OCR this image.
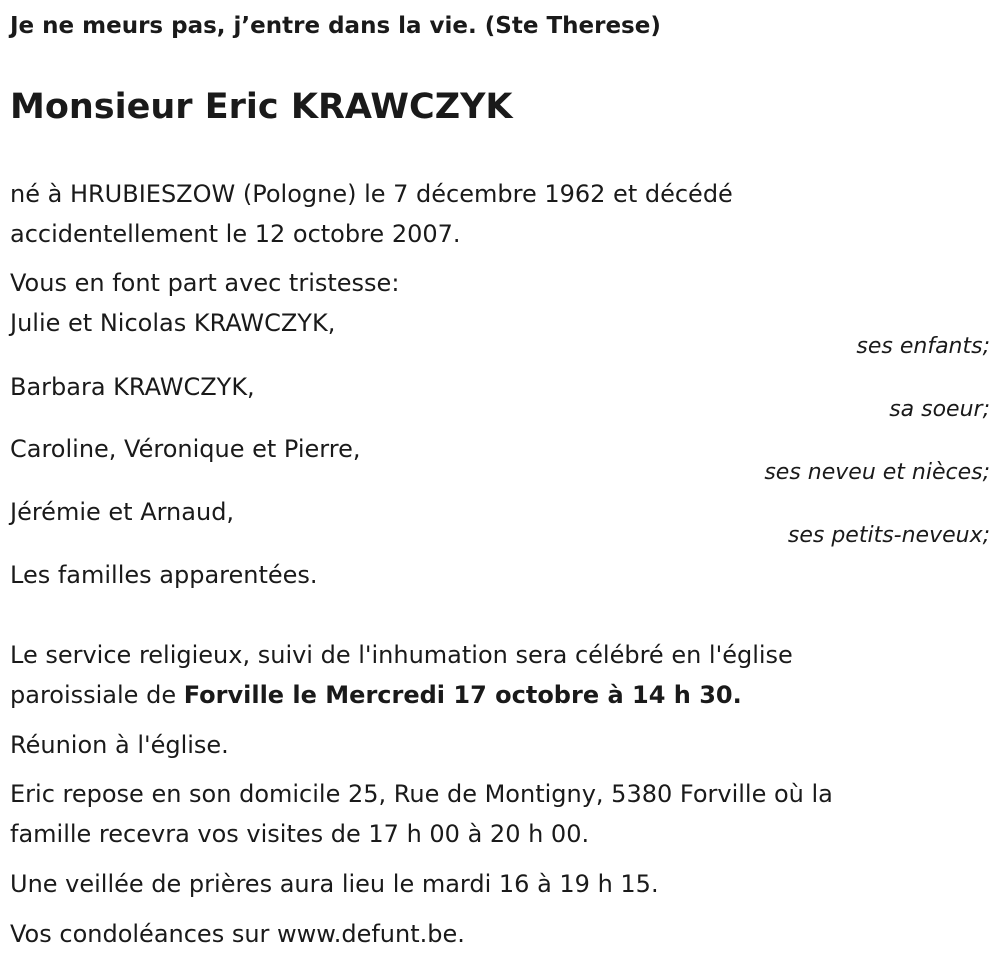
Je ne meurs pas, j’entre dans la vie. (Ste Therese)
Monsieur Eric KRAWCZYK
né à HRUBIESZOW (Pologne) le 7 décembre 1962 et décédé
accidentellement le 12 octobre 2007.
Vous en font part avec tristesse:
Julie et Nicolas KRAWCZYK,
ses enfants;
Barbara KRAWCZYK,
sa soeur;
Caroline, Véronique et Pierre,
ses neveu et nièces;
Jérémie et Arnaud,
ses petits-neveux;
Les familles apparentées.
Le service religieux, suivi de l'inhumation sera célébré en l'église
paroissiale de Forville le Mercredi 17 octobre à 14 h 30.
Réunion à l'église.
Eric repose en son domicile 25, Rue de Montigny, 5380 Forville où la
famille recevra vos visites de 17 h 00 à 20 h 00.
Une veillée de prières aura lieu le mardi 16 à 19 h 15.
Vos condoléances sur www.defunt.be.
